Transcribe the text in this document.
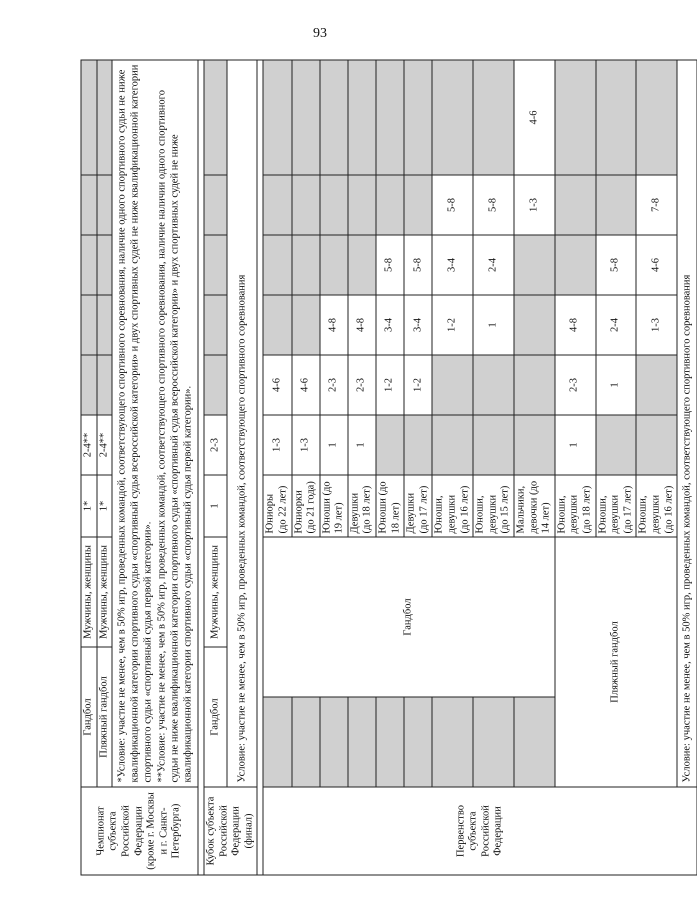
93
Чемпионат субъекта Российской Федерации (кроме г. Москвы и г. Санкт-Петербурга)	Гандбол		Мужчины, женщины	1*	2-4**					
	Пляжный гандбол		Мужчины, женщины	1*	2-4**					

	*Условие: участие не менее, чем в 50% игр, проведенных командой, соответствующего спортивного соревнования, наличие одного спортивного судьи не ниже квалификационной категории спортивного судьи «спортивный судья всероссийской категории» и двух спортивных судей не ниже квалификационной категории спортивного судьи «спортивный судья первой категории». **Условие: участие не менее, чем в 50% игр, проведенных командой, соответствующего спортивного соревнования, наличие наличии одного спортивного судьи не ниже квалификационной категории спортивного судьи «спортивный судья всероссийской категории» и двух спортивных судей не ниже квалификационной категории спортивного судьи «спортивный судья первой категории».									

Кубок субъекта Российской Федерации (финал)	Гандбол		Мужчины, женщины	1	2-3					
	Условие: участие не менее, чем в 50% игр, проведенных командой, соответствующего спортивного соревнования									

Первенство субъекта Российской Федерации		Гандбол		Юниоры (до 22 лет)	1-3	4-6				
				Юниорки (до 21 года)	1-3	4-6				
				Юноши (до 19 лет)	1	2-3	4-8			
				Девушки (до 18 лет)	1	2-3	4-8			
				Юноши (до 18 лет)		1-2	3-4	5-8		
				Девушки (до 17 лет)		1-2	3-4	5-8		
				Юноши, девушки (до 16 лет)			1-2	3-4	5-8	
				Юноши, девушки (до 15 лет)			1	2-4	5-8	
				Мальчики, девочки (до 14 лет)					1-3	4-6
	Пляжный гандбол			Юноши, девушки (до 18 лет)	1	2-3	4-8			
				Юноши, девушки (до 17 лет)		1	2-4	5-8		
				Юноши, девушки (до 16 лет)			1-3	4-6	7-8	
	Условие: участие не менее, чем в 50% игр, проведенных командой, соответствующего спортивного соревнования									
